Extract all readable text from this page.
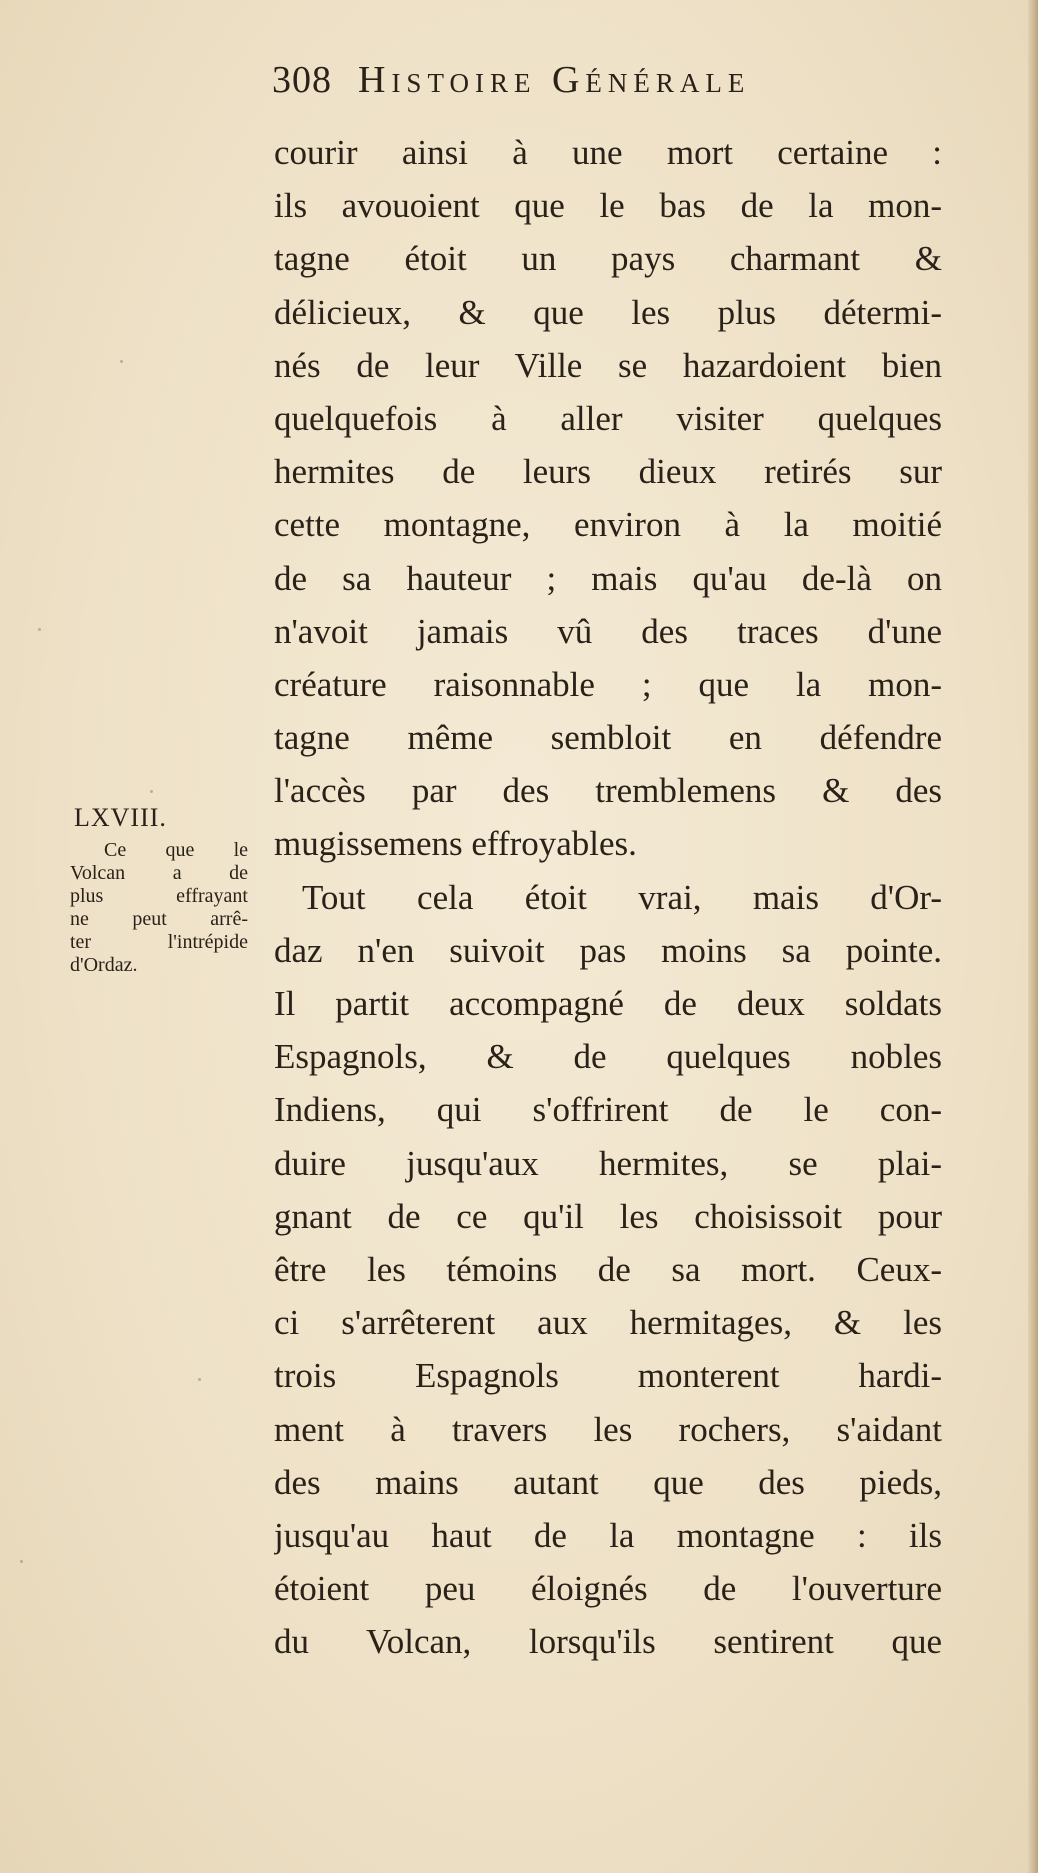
308 Histoire Générale
LXVIII.
Ce que le
Volcan a de
plus effrayant
ne peut arrê-
ter l'intrépide
d'Ordaz.
courir ainsi à une mort certaine :
ils avouoient que le bas de la mon-
tagne étoit un pays charmant &
délicieux, & que les plus détermi-
nés de leur Ville se hazardoient bien
quelquefois à aller visiter quelques
hermites de leurs dieux retirés sur
cette montagne, environ à la moitié
de sa hauteur ; mais qu'au de-là on
n'avoit jamais vû des traces d'une
créature raisonnable ; que la mon-
tagne même sembloit en défendre
l'accès par des tremblemens & des
mugissemens effroyables.
Tout cela étoit vrai, mais d'Or-
daz n'en suivoit pas moins sa pointe.
Il partit accompagné de deux soldats
Espagnols, & de quelques nobles
Indiens, qui s'offrirent de le con-
duire jusqu'aux hermites, se plai-
gnant de ce qu'il les choisissoit pour
être les témoins de sa mort. Ceux-
ci s'arrêterent aux hermitages, & les
trois Espagnols monterent hardi-
ment à travers les rochers, s'aidant
des mains autant que des pieds,
jusqu'au haut de la montagne : ils
étoient peu éloignés de l'ouverture
du Volcan, lorsqu'ils sentirent que
